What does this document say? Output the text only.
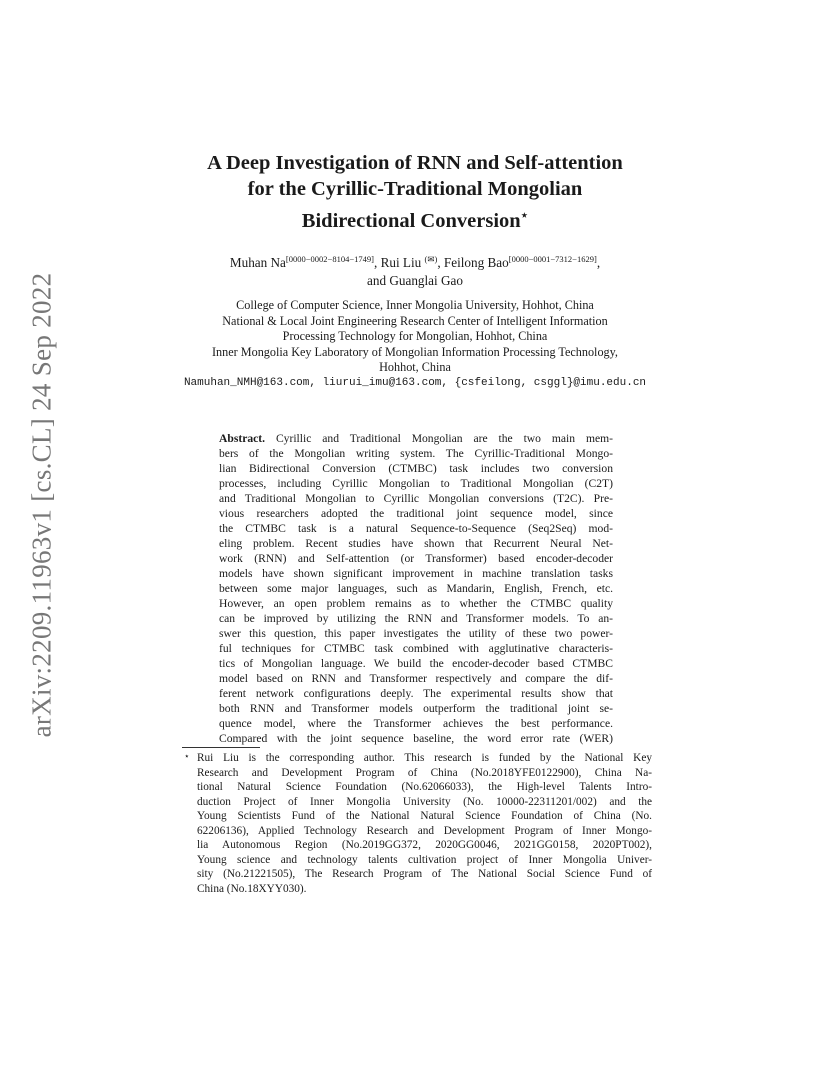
arXiv:2209.11963v1 [cs.CL] 24 Sep 2022
A Deep Investigation of RNN and Self-attention
for the Cyrillic-Traditional Mongolian
Bidirectional Conversion⋆
Muhan Na[0000−0002−8104−1749], Rui Liu (✉), Feilong Bao[0000−0001−7312−1629],
and Guanglai Gao
College of Computer Science, Inner Mongolia University, Hohhot, China
National & Local Joint Engineering Research Center of Intelligent Information
Processing Technology for Mongolian, Hohhot, China
Inner Mongolia Key Laboratory of Mongolian Information Processing Technology,
Hohhot, China
Namuhan_NMH@163.com, liurui_imu@163.com, {csfeilong, csggl}@imu.edu.cn
Abstract. Cyrillic and Traditional Mongolian are the two main mem-
bers of the Mongolian writing system. The Cyrillic-Traditional Mongo-
lian Bidirectional Conversion (CTMBC) task includes two conversion
processes, including Cyrillic Mongolian to Traditional Mongolian (C2T)
and Traditional Mongolian to Cyrillic Mongolian conversions (T2C). Pre-
vious researchers adopted the traditional joint sequence model, since
the CTMBC task is a natural Sequence-to-Sequence (Seq2Seq) mod-
eling problem. Recent studies have shown that Recurrent Neural Net-
work (RNN) and Self-attention (or Transformer) based encoder-decoder
models have shown significant improvement in machine translation tasks
between some major languages, such as Mandarin, English, French, etc.
However, an open problem remains as to whether the CTMBC quality
can be improved by utilizing the RNN and Transformer models. To an-
swer this question, this paper investigates the utility of these two power-
ful techniques for CTMBC task combined with agglutinative characteris-
tics of Mongolian language. We build the encoder-decoder based CTMBC
model based on RNN and Transformer respectively and compare the dif-
ferent network configurations deeply. The experimental results show that
both RNN and Transformer models outperform the traditional joint se-
quence model, where the Transformer achieves the best performance.
Compared with the joint sequence baseline, the word error rate (WER)
⋆ Rui Liu is the corresponding author. This research is funded by the National Key
Research and Development Program of China (No.2018YFE0122900), China Na-
tional Natural Science Foundation (No.62066033), the High-level Talents Intro-
duction Project of Inner Mongolia University (No. 10000-22311201/002) and the
Young Scientists Fund of the National Natural Science Foundation of China (No.
62206136), Applied Technology Research and Development Program of Inner Mongo-
lia Autonomous Region (No.2019GG372, 2020GG0046, 2021GG0158, 2020PT002),
Young science and technology talents cultivation project of Inner Mongolia Univer-
sity (No.21221505), The Research Program of The National Social Science Fund of
China (No.18XYY030).
